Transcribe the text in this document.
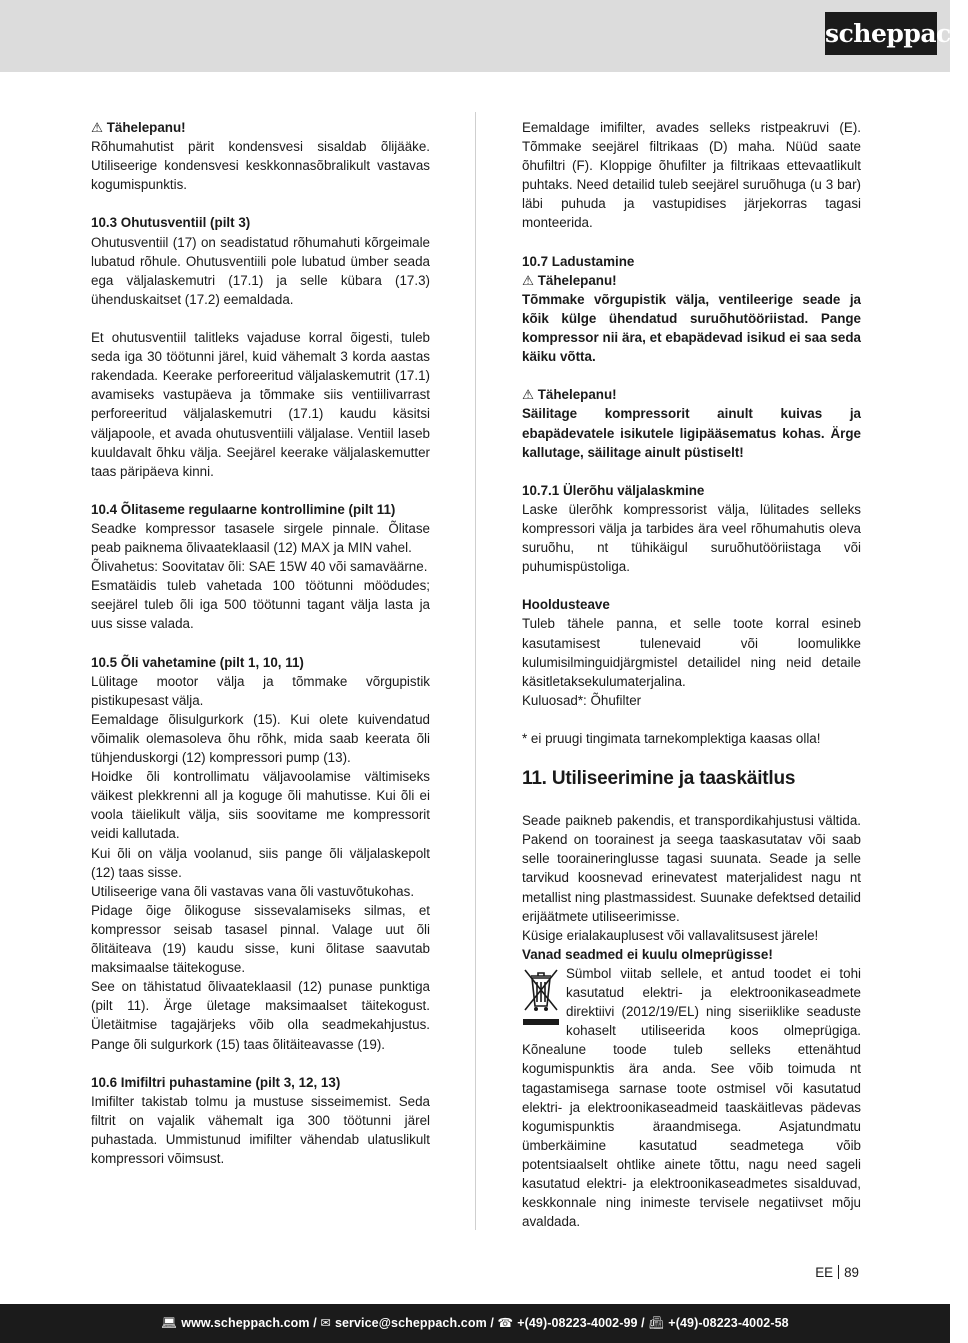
scheppach

⚠ Tähelepanu!

Rõhumahutist pärit kondensvesi sisaldab õlijääke. Utiliseerige kondensvesi keskkonnasõbralikult vastavas kogumispunktis.

10.3 Ohutusventiil (pilt 3)

Ohutusventiil (17) on seadistatud rõhumahuti kõrgeimale lubatud rõhule. Ohutusventiili pole lubatud ümber seada ega väljalaskemutri (17.1) ja selle kübara (17.3) ühenduskaitset (17.2) eemaldada.

Et ohutusventiil talitleks vajaduse korral õigesti, tuleb seda iga 30 töötunni järel, kuid vähemalt 3 korda aastas rakendada. Keerake perforeeritud väljalaskemutrit (17.1) avamiseks vastupäeva ja tõmmake siis ventiilivarrast perforeeritud väljalaskemutri (17.1) kaudu käsitsi väljapoole, et avada ohutusventiili väljalase. Ventiil laseb kuuldavalt õhku välja. Seejärel keerake väljalaskemutter taas päripäeva kinni.

10.4 Õlitaseme regulaarne kontrollimine (pilt 11)

Seadke kompressor tasasele sirgele pinnale. Õlitase peab paiknema õlivaateklaasil (12) MAX ja MIN vahel.

Õlivahetus: Soovitatav õli: SAE 15W 40 või samaväärne.

Esmatäidis tuleb vahetada 100 töötunni möödudes; seejärel tuleb õli iga 500 töötunni tagant välja lasta ja uus sisse valada.

10.5 Õli vahetamine (pilt 1, 10, 11)

Lülitage mootor välja ja tõmmake võrgupistik pistikupesast välja.

Eemaldage õlisulgurkork (15). Kui olete kuivendatud võimalik olemasoleva õhu rõhk, mida saab keerata õli tühjenduskorgi (12) kompressori pump (13).

Hoidke õli kontrollimatu väljavoolamise vältimiseks väikest plekkrenni all ja koguge õli mahutisse. Kui õli ei voola täielikult välja, siis soovitame me kompressorit veidi kallutada.

Kui õli on välja voolanud, siis pange õli väljalaskepolt (12) taas sisse.

Utiliseerige vana õli vastavas vana õli vastuvõtukohas.

Pidage õige õlikoguse sissevalamiseks silmas, et kompressor seisab tasasel pinnal. Valage uut õli õlitäiteava (19) kaudu sisse, kuni õlitase saavutab maksimaalse täitekoguse.

See on tähistatud õlivaateklaasil (12) punase punktiga (pilt 11). Ärge ületage maksimaalset täitekogust. Ületäitmise tagajärjeks võib olla seadmekahjustus. Pange õli sulgurkork (15) taas õlitäiteavasse (19).

10.6 Imifiltri puhastamine (pilt 3, 12, 13)

Imifilter takistab tolmu ja mustuse sisseimemist. Seda filtrit on vajalik vähemalt iga 300 töötunni järel puhastada. Ummistunud imifilter vähendab ulatuslikult kompressori võimsust.

Eemaldage imifilter, avades selleks ristpeakruvi (E). Tõmmake seejärel filtrikaas (D) maha. Nüüd saate õhufiltri (F). Kloppige õhufilter ja filtrikaas ettevaatlikult puhtaks. Need detailid tuleb seejärel suruõhuga (u 3 bar) läbi puhuda ja vastupidises järjekorras tagasi monteerida.

10.7 Ladustamine

⚠ Tähelepanu!

Tõmmake võrgupistik välja, ventileerige seade ja kõik külge ühendatud suruõhutööriistad. Pange kompressor nii ära, et ebapädevad isikud ei saa seda käiku võtta.

⚠ Tähelepanu!

Säilitage kompressorit ainult kuivas ja ebapädevatele isikutele ligipääsematus kohas. Ärge kallutage, säilitage ainult püstiselt!

10.7.1 Ülerõhu väljalaskmine

Laske ülerõhk kompressorist välja, lülitades selleks kompressori välja ja tarbides ära veel rõhumahutis oleva suruõhu, nt tühikäigul suruõhutööriistaga või puhumispüstoliga.

Hooldusteave

Tuleb tähele panna, et selle toote korral esineb kasutamisest tulenevaid või loomulikke kulumisilminguidjärgmistel detailidel ning neid detaile käsitletaksekulumaterjalina.

Kuluosad*: Õhufilter

* ei pruugi tingimata tarnekomplektiga kaasas olla!

11. Utiliseerimine ja taaskäitlus

Seade paikneb pakendis, et transpordikahjustusi vältida. Pakend on toorainest ja seega taaskasutatav või saab selle tooraineringlusse tagasi suunata. Seade ja selle tarvikud koosnevad erinevatest materjalidest nagu nt metallist ning plastmassidest. Suunake defektsed detailid erijäätmete utiliseerimisse.

Küsige erialakauplusest või vallavalitsusest järele!

Vanad seadmed ei kuulu olmeprügisse!

Sümbol viitab sellele, et antud toodet ei tohi kasutatud elektri- ja elektroonikaseadmete direktiivi (2012/19/EL) ning siseriiklike seaduste kohaselt utiliseerida koos olmeprügiga. Kõnealune toode tuleb selleks ettenähtud kogumispunktis ära anda. See võib toimuda nt tagastamisega sarnase toote ostmisel või kasutatud elektri- ja elektroonikaseadmeid taaskäitlevas pädevas kogumispunktis äraandmisega. Asjatundmatu ümberkäimine kasutatud seadmetega võib potentsiaalselt ohtlike ainete tõttu, nagu need sageli kasutatud elektri- ja elektroonikaseadmetes sisalduvad, keskkonnale ning inimeste tervisele negatiivset mõju avaldada.

EE 89
💻︎ www.scheppach.com / ✉︎ service@scheppach.com / ☎︎ +(49)-08223-4002-99 / 📠︎ +(49)-08223-4002-58
